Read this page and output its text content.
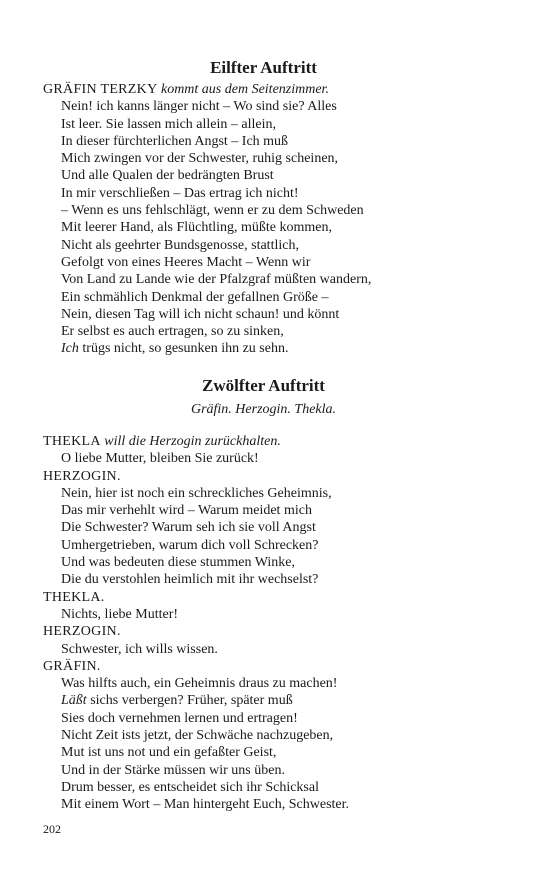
Eilfter Auftritt
GRÄFIN TERZKY kommt aus dem Seitenzimmer.
Nein! ich kanns länger nicht – Wo sind sie? Alles
Ist leer. Sie lassen mich allein – allein,
In dieser fürchterlichen Angst – Ich muß
Mich zwingen vor der Schwester, ruhig scheinen,
Und alle Qualen der bedrängten Brust
In mir verschließen – Das ertrag ich nicht!
– Wenn es uns fehlschlägt, wenn er zu dem Schweden
Mit leerer Hand, als Flüchtling, müßte kommen,
Nicht als geehrter Bundsgenosse, stattlich,
Gefolgt von eines Heeres Macht – Wenn wir
Von Land zu Lande wie der Pfalzgraf müßten wandern,
Ein schmählich Denkmal der gefallnen Größe –
Nein, diesen Tag will ich nicht schaun! und könnt
Er selbst es auch ertragen, so zu sinken,
Ich trügs nicht, so gesunken ihn zu sehn.
Zwölfter Auftritt
Gräfin. Herzogin. Thekla.
THEKLA will die Herzogin zurückhalten.
O liebe Mutter, bleiben Sie zurück!
HERZOGIN.
Nein, hier ist noch ein schreckliches Geheimnis,
Das mir verhehlt wird – Warum meidet mich
Die Schwester? Warum seh ich sie voll Angst
Umhergetrieben, warum dich voll Schrecken?
Und was bedeuten diese stummen Winke,
Die du verstohlen heimlich mit ihr wechselst?
THEKLA.
Nichts, liebe Mutter!
HERZOGIN.
Schwester, ich wills wissen.
GRÄFIN.
Was hilfts auch, ein Geheimnis draus zu machen!
Läßt sichs verbergen? Früher, später muß
Sies doch vernehmen lernen und ertragen!
Nicht Zeit ists jetzt, der Schwäche nachzugeben,
Mut ist uns not und ein gefaßter Geist,
Und in der Stärke müssen wir uns üben.
Drum besser, es entscheidet sich ihr Schicksal
Mit einem Wort – Man hintergeht Euch, Schwester.
202
